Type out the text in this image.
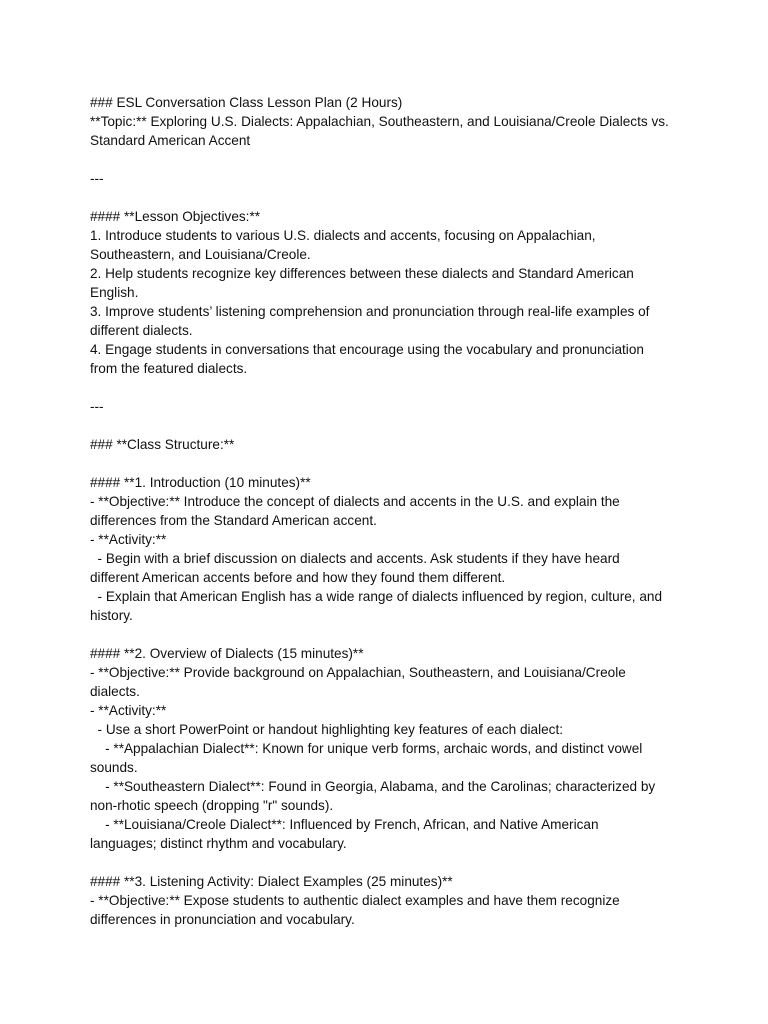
### ESL Conversation Class Lesson Plan (2 Hours)
**Topic:** Exploring U.S. Dialects: Appalachian, Southeastern, and Louisiana/Creole Dialects vs.
Standard American Accent
---
#### **Lesson Objectives:**
1. Introduce students to various U.S. dialects and accents, focusing on Appalachian,
Southeastern, and Louisiana/Creole.
2. Help students recognize key differences between these dialects and Standard American
English.
3. Improve students’ listening comprehension and pronunciation through real-life examples of
different dialects.
4. Engage students in conversations that encourage using the vocabulary and pronunciation
from the featured dialects.
---
### **Class Structure:**
#### **1. Introduction (10 minutes)**
- **Objective:** Introduce the concept of dialects and accents in the U.S. and explain the
differences from the Standard American accent.
- **Activity:**
- Begin with a brief discussion on dialects and accents. Ask students if they have heard
different American accents before and how they found them different.
- Explain that American English has a wide range of dialects influenced by region, culture, and
history.
#### **2. Overview of Dialects (15 minutes)**
- **Objective:** Provide background on Appalachian, Southeastern, and Louisiana/Creole
dialects.
- **Activity:**
- Use a short PowerPoint or handout highlighting key features of each dialect:
- **Appalachian Dialect**: Known for unique verb forms, archaic words, and distinct vowel
sounds.
- **Southeastern Dialect**: Found in Georgia, Alabama, and the Carolinas; characterized by
non-rhotic speech (dropping "r" sounds).
- **Louisiana/Creole Dialect**: Influenced by French, African, and Native American
languages; distinct rhythm and vocabulary.
#### **3. Listening Activity: Dialect Examples (25 minutes)**
- **Objective:** Expose students to authentic dialect examples and have them recognize
differences in pronunciation and vocabulary.
